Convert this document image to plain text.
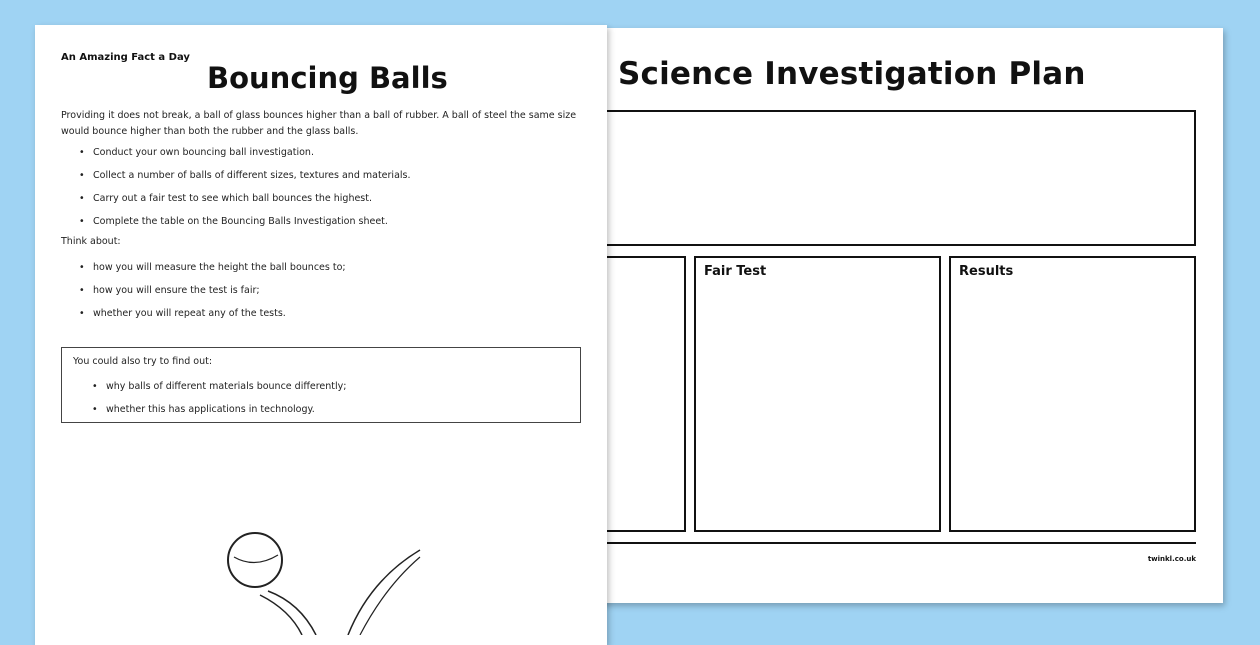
Science Investigation Plan
Fair Test	Results
twinkl.co.uk
An Amazing Fact a Day
Bouncing Balls
Providing it does not break, a ball of glass bounces higher than a ball of rubber. A ball of steel the same size would bounce higher than both the rubber and the glass balls.
• Conduct your own bouncing ball investigation.
• Collect a number of balls of different sizes, textures and materials.
• Carry out a fair test to see which ball bounces the highest.
• Complete the table on the Bouncing Balls Investigation sheet.
Think about:
• how you will measure the height the ball bounces to;
• how you will ensure the test is fair;
• whether you will repeat any of the tests.
You could also try to find out:
• why balls of different materials bounce differently;
• whether this has applications in technology.
